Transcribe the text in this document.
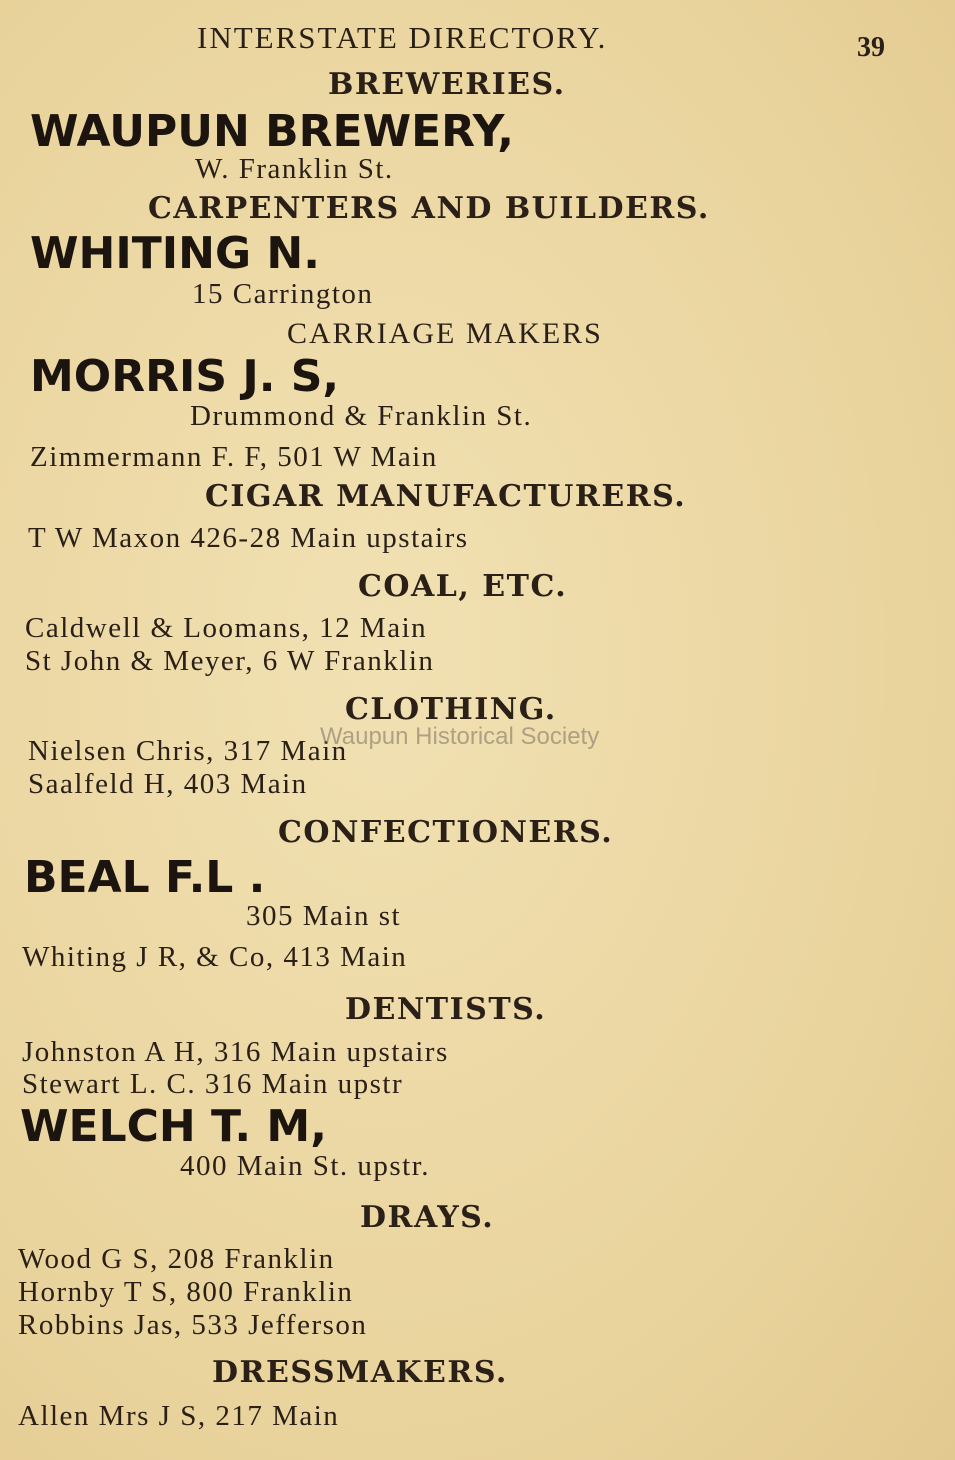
INTERSTATE DIRECTORY.	39
BREWERIES.
WAUPUN BREWERY,
W. Franklin St.
CARPENTERS AND BUILDERS.
WHITING N.
15 Carrington
CARRIAGE MAKERS
MORRIS J. S,
Drummond & Franklin St.
Zimmermann F. F, 501 W Main
CIGAR MANUFACTURERS.
T W Maxon 426-28 Main upstairs
COAL, ETC.
Caldwell & Loomans, 12 Main
St John & Meyer, 6 W Franklin
CLOTHING.
Nielsen Chris, 317 Main
Saalfeld H, 403 Main
CONFECTIONERS.
BEAL F.L .
305 Main st
Whiting J R, & Co, 413 Main
DENTISTS.
Johnston A H, 316 Main upstairs
Stewart L. C. 316 Main upstr
WELCH T. M,
400 Main St. upstr.
DRAYS.
Wood G S, 208 Franklin
Hornby T S, 800 Franklin
Robbins Jas, 533 Jefferson
DRESSMAKERS.
Allen Mrs J S, 217 Main
Waupun Historical Society
